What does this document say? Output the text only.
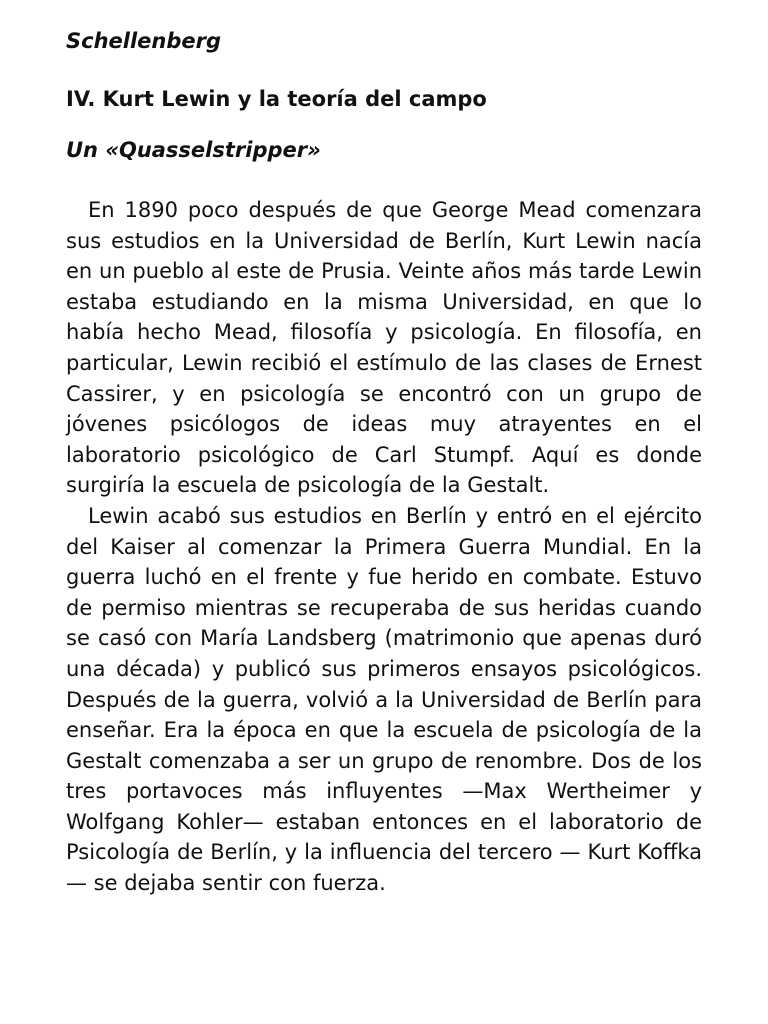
Schellenberg

IV. Kurt Lewin y la teoría del campo
Un «Quasselstripper»

En 1890 poco después de que George Mead comenzara sus estudios en la Universidad de Berlín, Kurt Lewin nacía en un pueblo al este de Prusia. Veinte años más tarde Lewin estaba estudiando en la misma Universidad, en que lo había hecho Mead, filosofía y psicología. En filosofía, en particular, Lewin recibió el estímulo de las clases de Ernest Cassirer, y en psicología se encontró con un grupo de jóvenes psicólogos de ideas muy atrayentes en el laboratorio psicológico de Carl Stumpf. Aquí es donde surgiría la escuela de psicología de la Gestalt.

Lewin acabó sus estudios en Berlín y entró en el ejército del Kaiser al comenzar la Primera Guerra Mundial. En la guerra luchó en el frente y fue herido en combate. Estuvo de permiso mientras se recuperaba de sus heridas cuando se casó con María Landsberg (matrimonio que apenas duró una década) y publicó sus primeros ensayos psicológicos. Después de la guerra, volvió a la Universidad de Berlín para enseñar. Era la época en que la escuela de psicología de la Gestalt comenzaba a ser un grupo de renombre. Dos de los tres portavoces más influyentes —Max Wertheimer y Wolfgang Kohler— estaban entonces en el laboratorio de Psicología de Berlín, y la influencia del tercero — Kurt Koffka— se dejaba sentir con fuerza.
